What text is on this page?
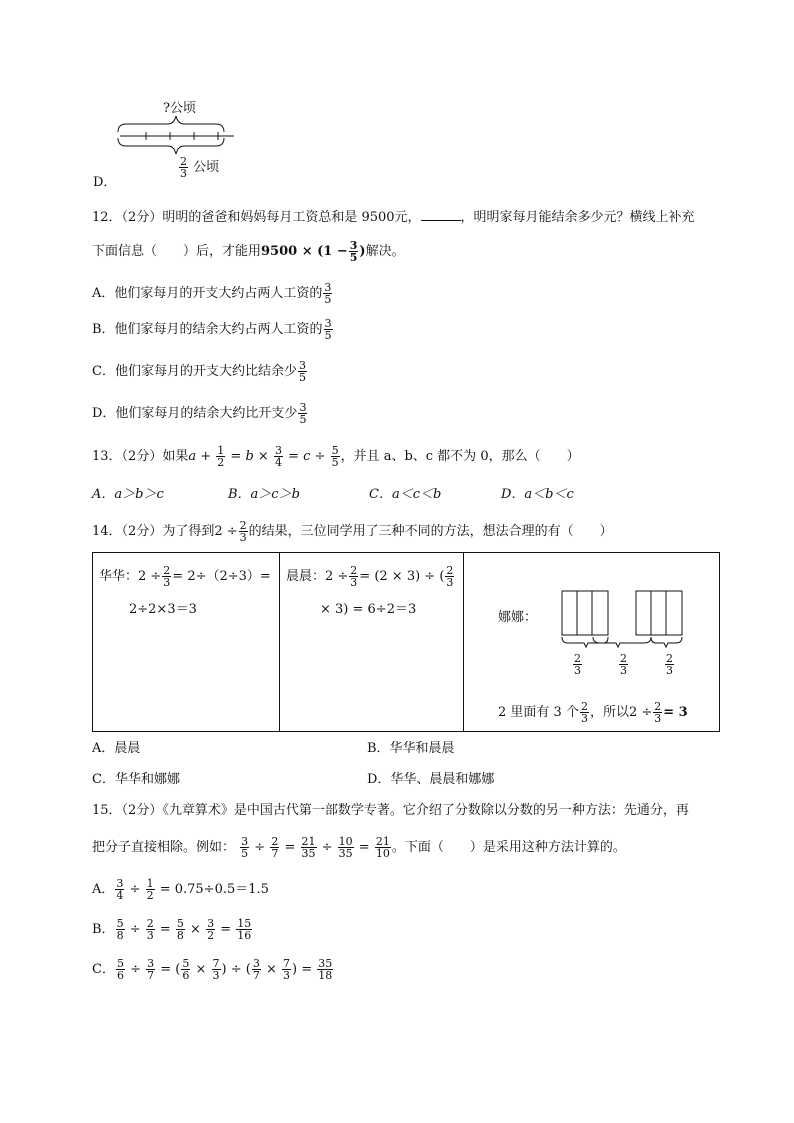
?公顷
$\frac{2}{3}$ 公顷
D．
12．（2分）明明的爸爸和妈妈每月工资总和是 9500元，	，明明家每月能结余多少元？横线上补充
下面信息（　　）后，才能用$9500 \times (1 - \frac{3}{5}$ )解决。
A．他们家每月的开支大约占两人工资的 $\frac{3}{5}$
B．他们家每月的结余大约占两人工资的 $\frac{3}{5}$
C．他们家每月的开支大约比结余少 $\frac{3}{5}$
D．他们家每月的结余大约比开支少 $\frac{3}{5}$
13．（2分）如果$a + \frac{1}{2} = b \times \frac{3}{4} = c \div \frac{5}{5}$ ，并且 a、b、c 都不为 0，那么（　　）
A．a＞b＞c	B．a＞c＞b	C．a＜c＜b	D．a＜b＜c
14．（2分）为了得到$2 \div \frac{2}{3}$ 的结果，三位同学用了三种不同的方法，想法合理的有（　　）
华华：$2 \div \frac{2}{3} = 2\div(2\div 3)=$
2÷2×3＝3

晨晨：$2 \div \frac{2}{3} = (2 \times 3)$ ÷ ( $\frac{2}{3}$
× 3) = 6÷2＝3

娜娜：
$\frac{2}{3}$	$\frac{2}{3}$	$\frac{2}{3}$
2 里面有 3 个 $\frac{2}{3}$ ，所以$2 \div \frac{2}{3} = 3$
A．晨晨	B．华华和晨晨
C．华华和娜娜	D．华华、晨晨和娜娜
15．（2分）《九章算术》是中国古代第一部数学专著。它介绍了分数除以分数的另一种方法：先通分，再
把分子直接相除。例如： $\frac{3}{5} \div \frac{2}{7} = \frac{21}{35} \div \frac{10}{35} = \frac{21}{10}$ 。下面（　　）是采用这种方法计算的。
A． $\frac{3}{4} \div \frac{1}{2} = 0.75\div 0.5=1.5$
B． $\frac{5}{8} \div \frac{2}{3} = \frac{5}{8} \times \frac{3}{2} = \frac{15}{16}$
C． $\frac{5}{6} \div \frac{3}{7}$ = ( $\frac{5}{6} \times \frac{7}{3}$ ) ÷ ( $\frac{3}{7} \times \frac{7}{3}$ ) = $\frac{35}{18}$
